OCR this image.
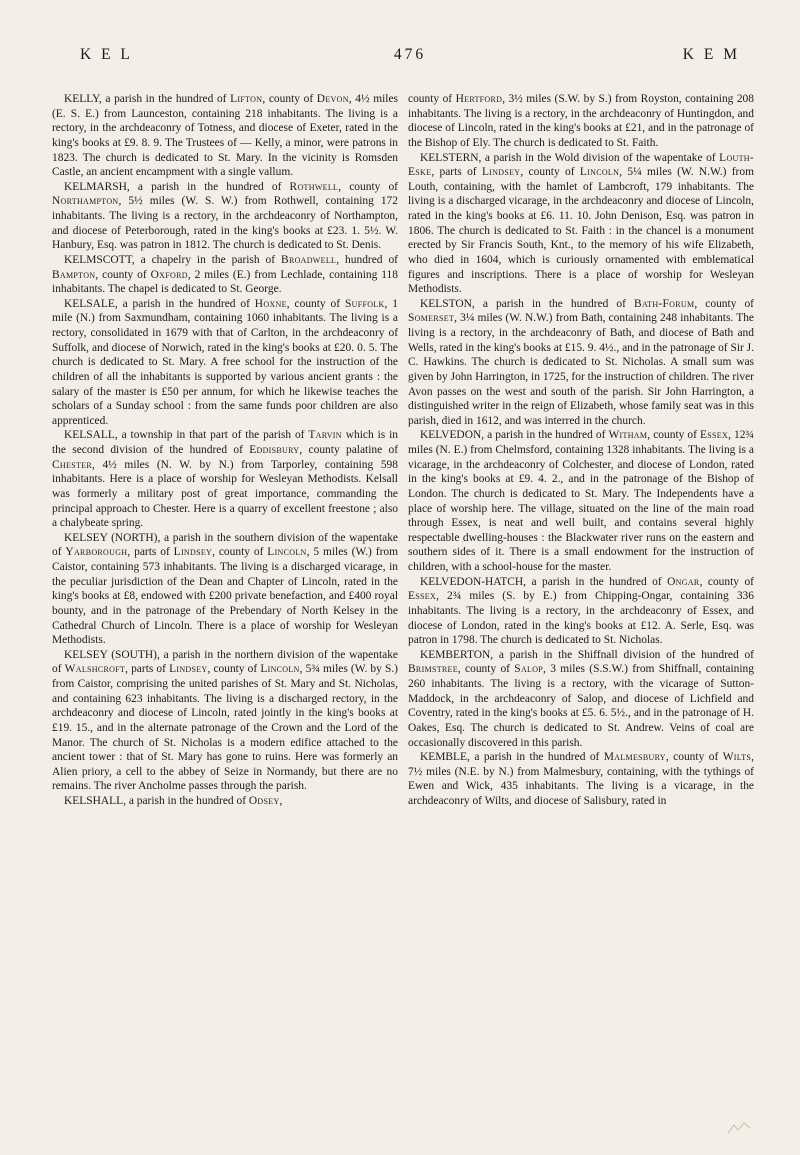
K E L	476	K E M

KELLY, a parish in the hundred of Lifton, county of Devon, 4½ miles (E. S. E.) from Launceston, containing 218 inhabitants. The living is a rectory, in the archdeaconry of Totness, and diocese of Exeter, rated in the king's books at £9. 8. 9. The Trustees of — Kelly, a minor, were patrons in 1823. The church is dedicated to St. Mary. In the vicinity is Romsden Castle, an ancient encampment with a single vallum.

KELMARSH, a parish in the hundred of Rothwell, county of Northampton, 5½ miles (W. S. W.) from Rothwell, containing 172 inhabitants. The living is a rectory, in the archdeaconry of Northampton, and diocese of Peterborough, rated in the king's books at £23. 1. 5½. W. Hanbury, Esq. was patron in 1812. The church is dedicated to St. Denis.

KELMSCOTT, a chapelry in the parish of Broadwell, hundred of Bampton, county of Oxford, 2 miles (E.) from Lechlade, containing 118 inhabitants. The chapel is dedicated to St. George.

KELSALE, a parish in the hundred of Hoxne, county of Suffolk, 1 mile (N.) from Saxmundham, containing 1060 inhabitants. The living is a rectory, consolidated in 1679 with that of Carlton, in the archdeaconry of Suffolk, and diocese of Norwich, rated in the king's books at £20. 0. 5. The church is dedicated to St. Mary. A free school for the instruction of the children of all the inhabitants is supported by various ancient grants : the salary of the master is £50 per annum, for which he likewise teaches the scholars of a Sunday school : from the same funds poor children are also apprenticed.

KELSALL, a township in that part of the parish of Tarvin which is in the second division of the hundred of Eddisbury, county palatine of Chester, 4½ miles (N. W. by N.) from Tarporley, containing 598 inhabitants. Here is a place of worship for Wesleyan Methodists. Kelsall was formerly a military post of great importance, commanding the principal approach to Chester. Here is a quarry of excellent freestone ; also a chalybeate spring.

KELSEY (NORTH), a parish in the southern division of the wapentake of Yarborough, parts of Lindsey, county of Lincoln, 5 miles (W.) from Caistor, containing 573 inhabitants. The living is a discharged vicarage, in the peculiar jurisdiction of the Dean and Chapter of Lincoln, rated in the king's books at £8, endowed with £200 private benefaction, and £400 royal bounty, and in the patronage of the Prebendary of North Kelsey in the Cathedral Church of Lincoln. There is a place of worship for Wesleyan Methodists.

KELSEY (SOUTH), a parish in the northern division of the wapentake of Walshcroft, parts of Lindsey, county of Lincoln, 5¾ miles (W. by S.) from Caistor, comprising the united parishes of St. Mary and St. Nicholas, and containing 623 inhabitants. The living is a discharged rectory, in the archdeaconry and diocese of Lincoln, rated jointly in the king's books at £19. 15., and in the alternate patronage of the Crown and the Lord of the Manor. The church of St. Nicholas is a modern edifice attached to the ancient tower : that of St. Mary has gone to ruins. Here was formerly an Alien priory, a cell to the abbey of Seize in Normandy, but there are no remains. The river Ancholme passes through the parish.

KELSHALL, a parish in the hundred of Odsey,

county of Hertford, 3½ miles (S.W. by S.) from Royston, containing 208 inhabitants. The living is a rectory, in the archdeaconry of Huntingdon, and diocese of Lincoln, rated in the king's books at £21, and in the patronage of the Bishop of Ely. The church is dedicated to St. Faith.

KELSTERN, a parish in the Wold division of the wapentake of Louth-Eske, parts of Lindsey, county of Lincoln, 5¼ miles (W. N.W.) from Louth, containing, with the hamlet of Lambcroft, 179 inhabitants. The living is a discharged vicarage, in the archdeaconry and diocese of Lincoln, rated in the king's books at £6. 11. 10. John Denison, Esq. was patron in 1806. The church is dedicated to St. Faith : in the chancel is a monument erected by Sir Francis South, Knt., to the memory of his wife Elizabeth, who died in 1604, which is curiously ornamented with emblematical figures and inscriptions. There is a place of worship for Wesleyan Methodists.

KELSTON, a parish in the hundred of Bath-Forum, county of Somerset, 3¼ miles (W. N.W.) from Bath, containing 248 inhabitants. The living is a rectory, in the archdeaconry of Bath, and diocese of Bath and Wells, rated in the king's books at £15. 9. 4½., and in the patronage of Sir J. C. Hawkins. The church is dedicated to St. Nicholas. A small sum was given by John Harrington, in 1725, for the instruction of children. The river Avon passes on the west and south of the parish. Sir John Harrington, a distinguished writer in the reign of Elizabeth, whose family seat was in this parish, died in 1612, and was interred in the church.

KELVEDON, a parish in the hundred of Witham, county of Essex, 12¾ miles (N. E.) from Chelmsford, containing 1328 inhabitants. The living is a vicarage, in the archdeaconry of Colchester, and diocese of London, rated in the king's books at £9. 4. 2., and in the patronage of the Bishop of London. The church is dedicated to St. Mary. The Independents have a place of worship here. The village, situated on the line of the main road through Essex, is neat and well built, and contains several highly respectable dwelling-houses : the Blackwater river runs on the eastern and southern sides of it. There is a small endowment for the instruction of children, with a school-house for the master.

KELVEDON-HATCH, a parish in the hundred of Ongar, county of Essex, 2¾ miles (S. by E.) from Chipping-Ongar, containing 336 inhabitants. The living is a rectory, in the archdeaconry of Essex, and diocese of London, rated in the king's books at £12. A. Serle, Esq. was patron in 1798. The church is dedicated to St. Nicholas.

KEMBERTON, a parish in the Shiffnall division of the hundred of Brimstree, county of Salop, 3 miles (S.S.W.) from Shiffnall, containing 260 inhabitants. The living is a rectory, with the vicarage of Sutton-Maddock, in the archdeaconry of Salop, and diocese of Lichfield and Coventry, rated in the king's books at £5. 6. 5½., and in the patronage of H. Oakes, Esq. The church is dedicated to St. Andrew. Veins of coal are occasionally discovered in this parish.

KEMBLE, a parish in the hundred of Malmesbury, county of Wilts, 7½ miles (N.E. by N.) from Malmesbury, containing, with the tythings of Ewen and Wick, 435 inhabitants. The living is a vicarage, in the archdeaconry of Wilts, and diocese of Salisbury, rated in
